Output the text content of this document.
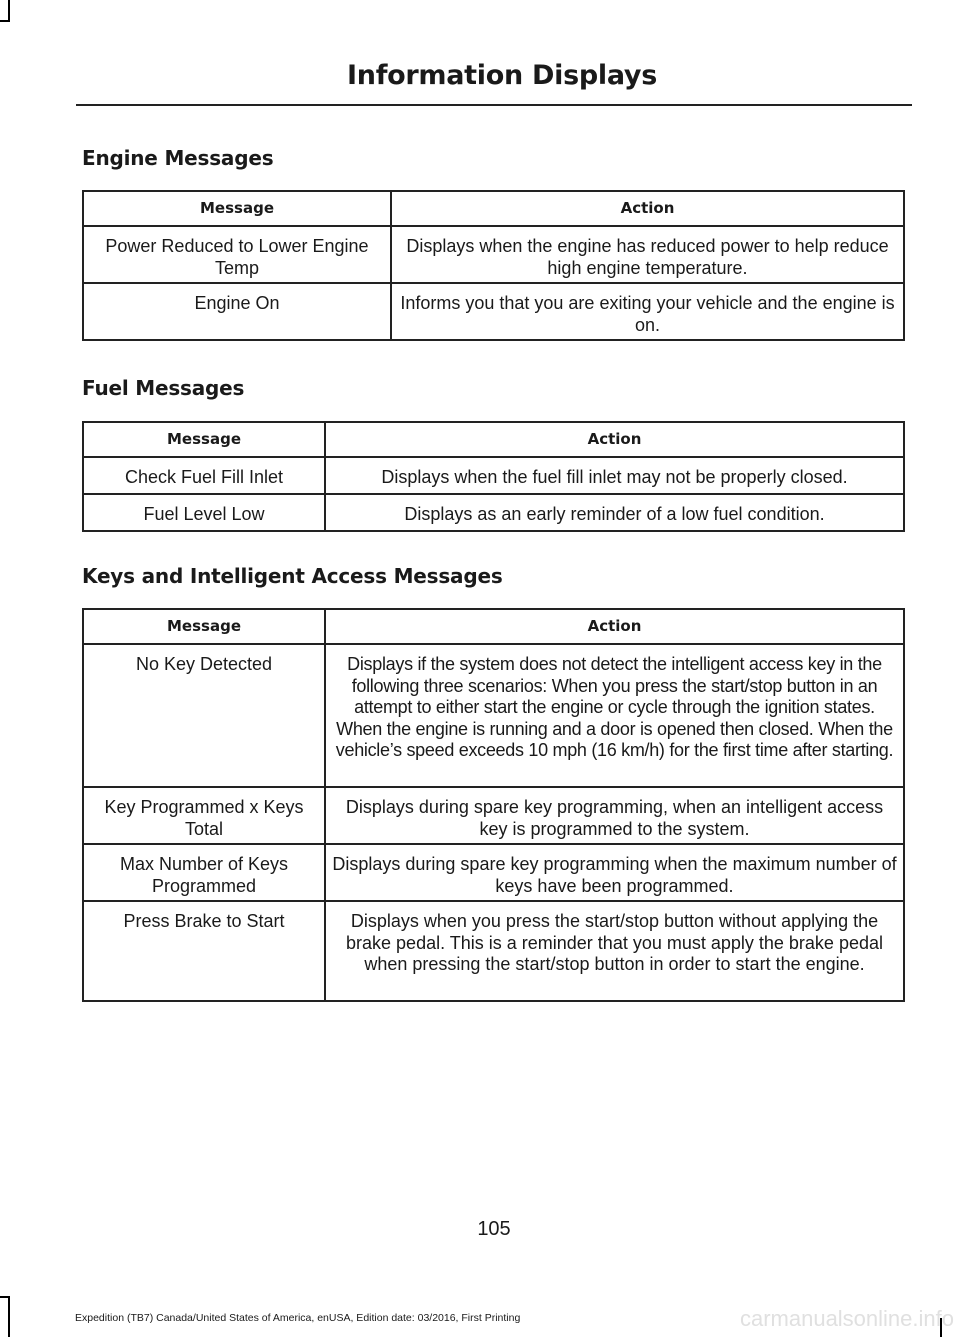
Information Displays
Engine Messages
Message	Action
Power Reduced to Lower Engine Temp	Displays when the engine has reduced power to help reduce high engine temperature.
Engine On	Informs you that you are exiting your vehicle and the engine is on.
Fuel Messages
Message	Action
Check Fuel Fill Inlet	Displays when the fuel fill inlet may not be properly closed.
Fuel Level Low	Displays as an early reminder of a low fuel condition.
Keys and Intelligent Access Messages
Message	Action
No Key Detected	Displays if the system does not detect the intelligent access key in the following three scenarios: When you press the start/stop button in an attempt to either start the engine or cycle through the ignition states. When the engine is running and a door is opened then closed. When the vehicle’s speed exceeds 10 mph (16 km/h) for the first time after starting.
Key Programmed x Keys Total	Displays during spare key programming, when an intelligent access key is programmed to the system.
Max Number of Keys Programmed	Displays during spare key programming when the maximum number of keys have been programmed.
Press Brake to Start	Displays when you press the start/stop button without applying the brake pedal. This is a reminder that you must apply the brake pedal when pressing the start/stop button in order to start the engine.
105
Expedition (TB7) Canada/United States of America, enUSA, Edition date: 03/2016, First Printing	carmanualsonline.info
